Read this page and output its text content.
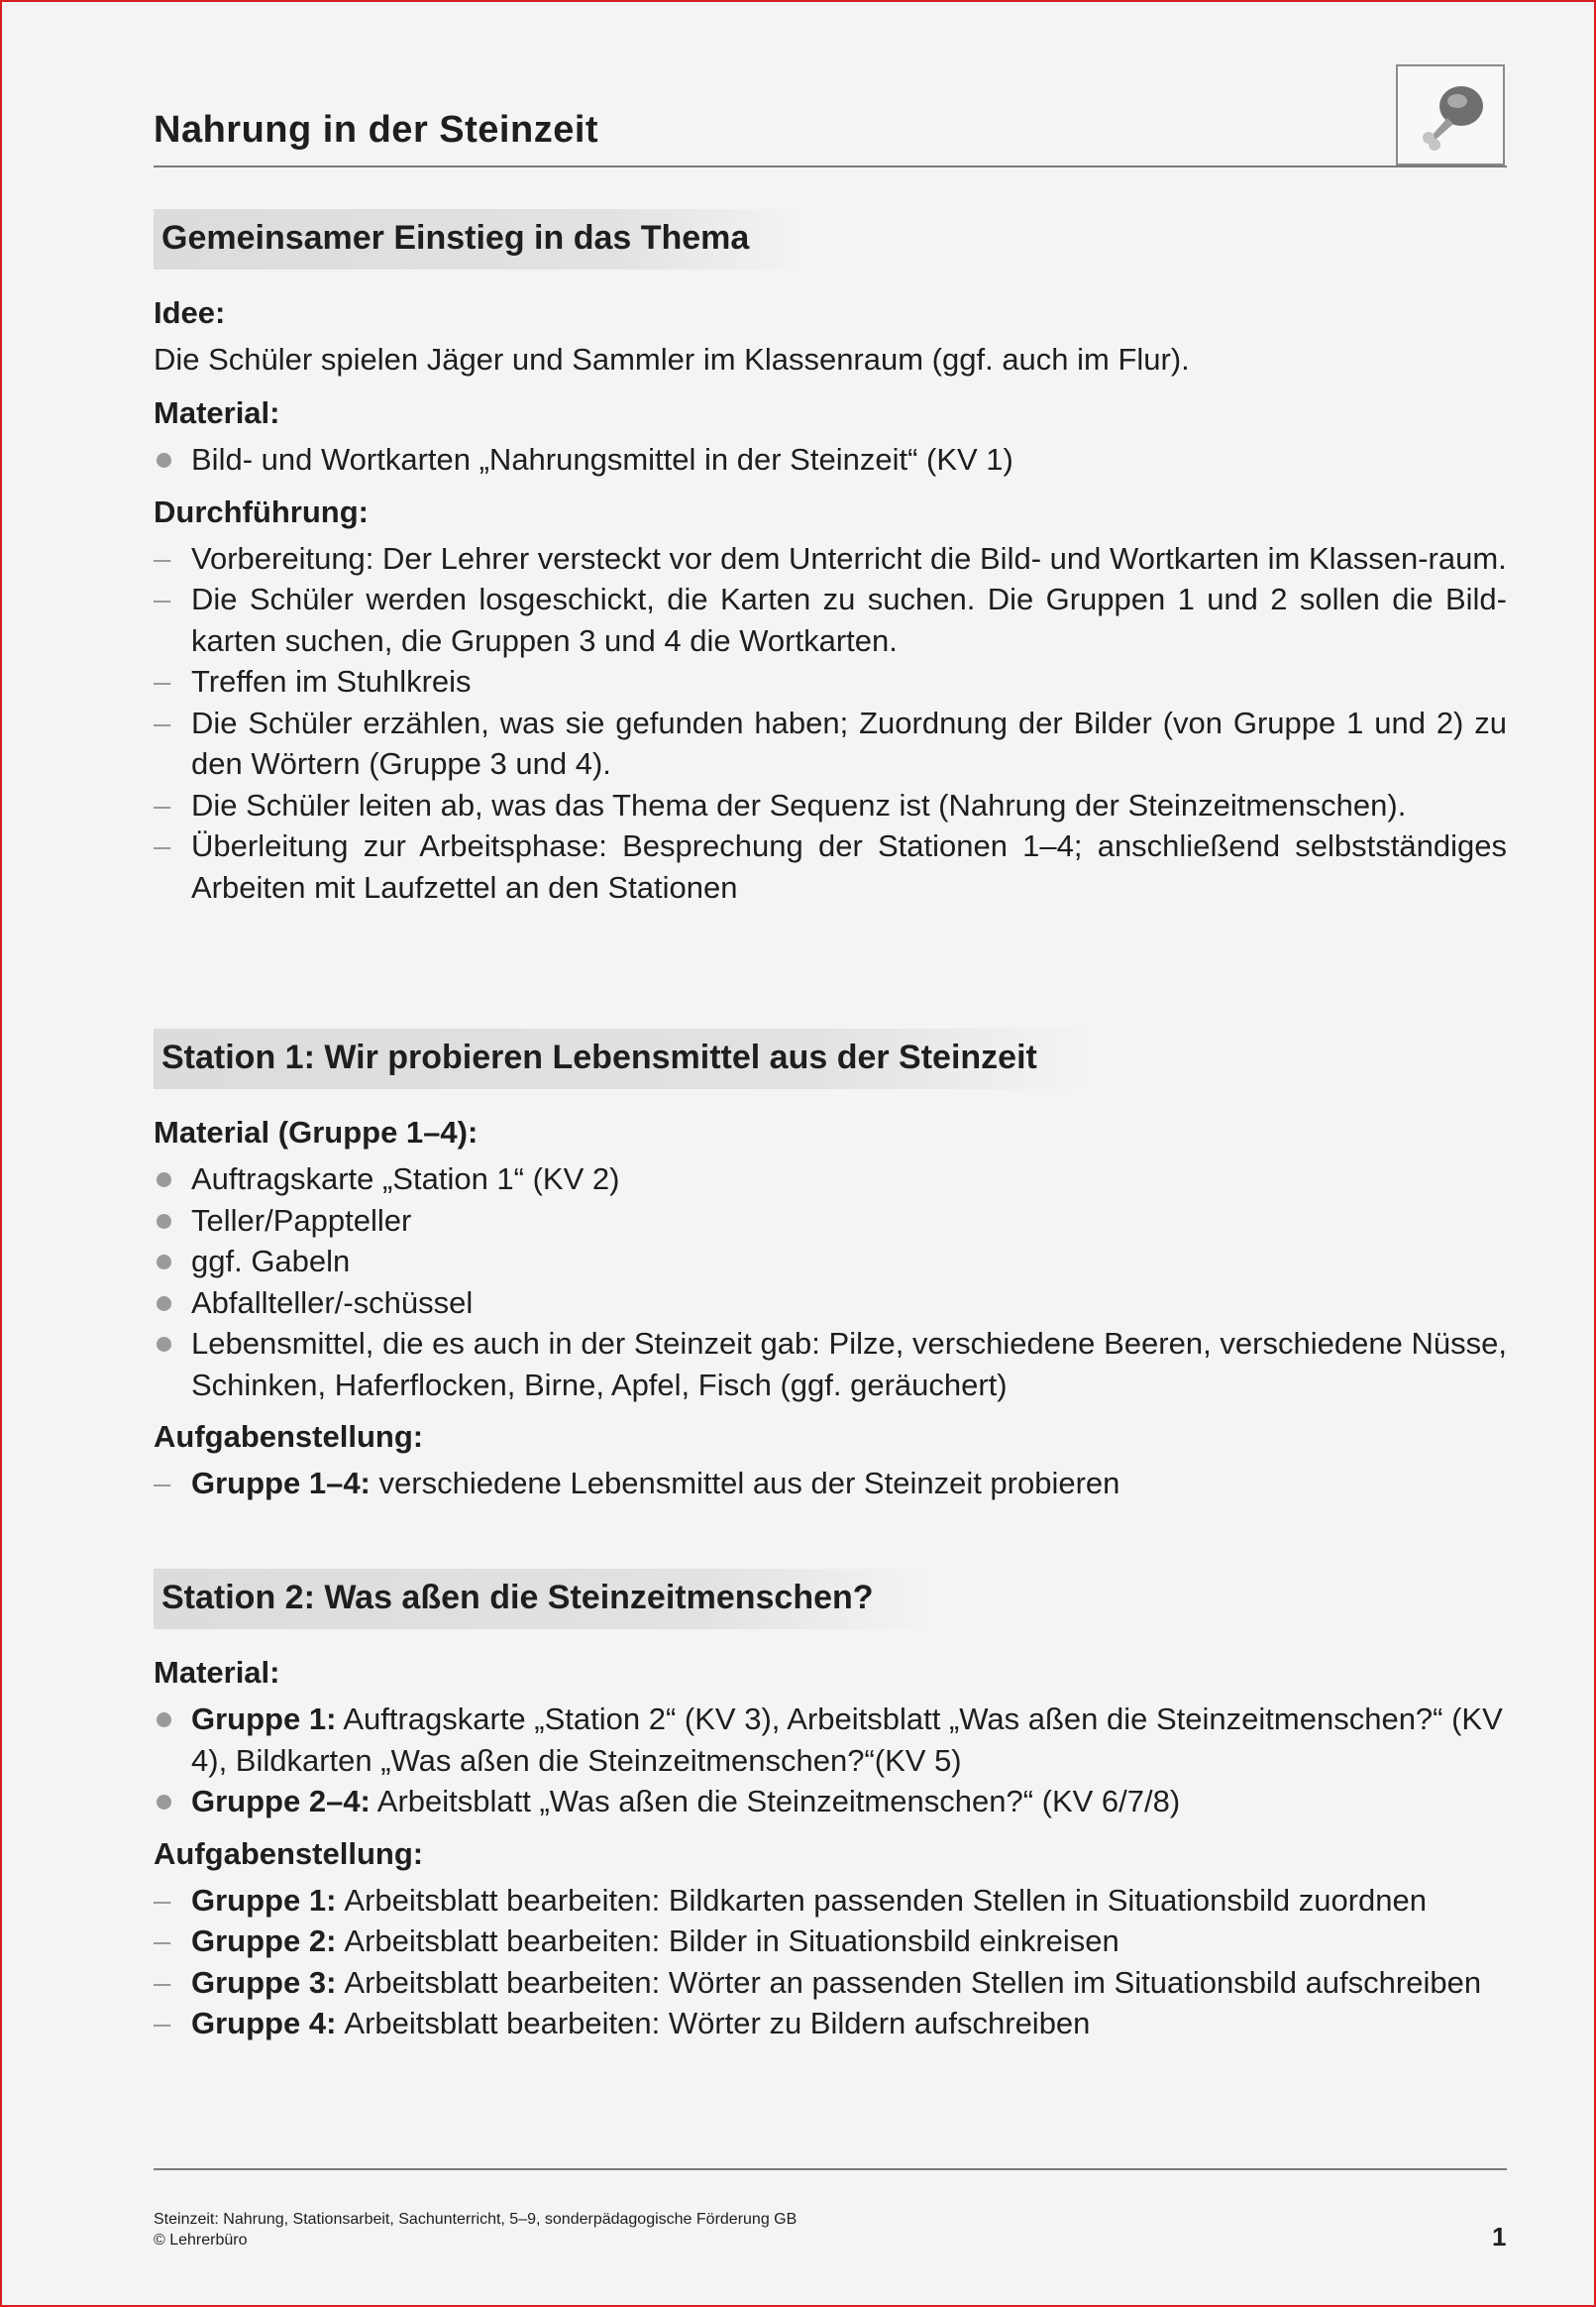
Nahrung in der Steinzeit
Gemeinsamer Einstieg in das Thema

Idee:

Die Schüler spielen Jäger und Sammler im Klassenraum (ggf. auch im Flur).

Material:

Bild- und Wortkarten „Nahrungsmittel in der Steinzeit“ (KV 1)

Durchführung:

– Vorbereitung: Der Lehrer versteckt vor dem Unterricht die Bild- und Wortkarten im Klassen-raum.
– Die Schüler werden losgeschickt, die Karten zu suchen. Die Gruppen 1 und 2 sollen die Bild-karten suchen, die Gruppen 3 und 4 die Wortkarten.
– Treffen im Stuhlkreis
– Die Schüler erzählen, was sie gefunden haben; Zuordnung der Bilder (von Gruppe 1 und 2) zu den Wörtern (Gruppe 3 und 4).
– Die Schüler leiten ab, was das Thema der Sequenz ist (Nahrung der Steinzeitmenschen).
– Überleitung zur Arbeitsphase: Besprechung der Stationen 1–4; anschließend selbstständiges Arbeiten mit Laufzettel an den Stationen
Station 1: Wir probieren Lebensmittel aus der Steinzeit

Material (Gruppe 1–4):

Auftragskarte „Station 1“ (KV 2)
Teller/Pappteller
ggf. Gabeln
Abfallteller/-schüssel
Lebensmittel, die es auch in der Steinzeit gab: Pilze, verschiedene Beeren, verschiedene Nüsse, Schinken, Haferflocken, Birne, Apfel, Fisch (ggf. geräuchert)

Aufgabenstellung:

– Gruppe 1–4: verschiedene Lebensmittel aus der Steinzeit probieren
Station 2: Was aßen die Steinzeitmenschen?

Material:

Gruppe 1: Auftragskarte „Station 2“ (KV 3), Arbeitsblatt „Was aßen die Steinzeitmenschen?“ (KV 4), Bildkarten „Was aßen die Steinzeitmenschen?“(KV 5)
Gruppe 2–4: Arbeitsblatt „Was aßen die Steinzeitmenschen?“ (KV 6/7/8)

Aufgabenstellung:

– Gruppe 1: Arbeitsblatt bearbeiten: Bildkarten passenden Stellen in Situationsbild zuordnen
– Gruppe 2: Arbeitsblatt bearbeiten: Bilder in Situationsbild einkreisen
– Gruppe 3: Arbeitsblatt bearbeiten: Wörter an passenden Stellen im Situationsbild aufschreiben
– Gruppe 4: Arbeitsblatt bearbeiten: Wörter zu Bildern aufschreiben
Steinzeit: Nahrung, Stationsarbeit, Sachunterricht, 5–9, sonderpädagogische Förderung GB
© Lehrerbüro	1
